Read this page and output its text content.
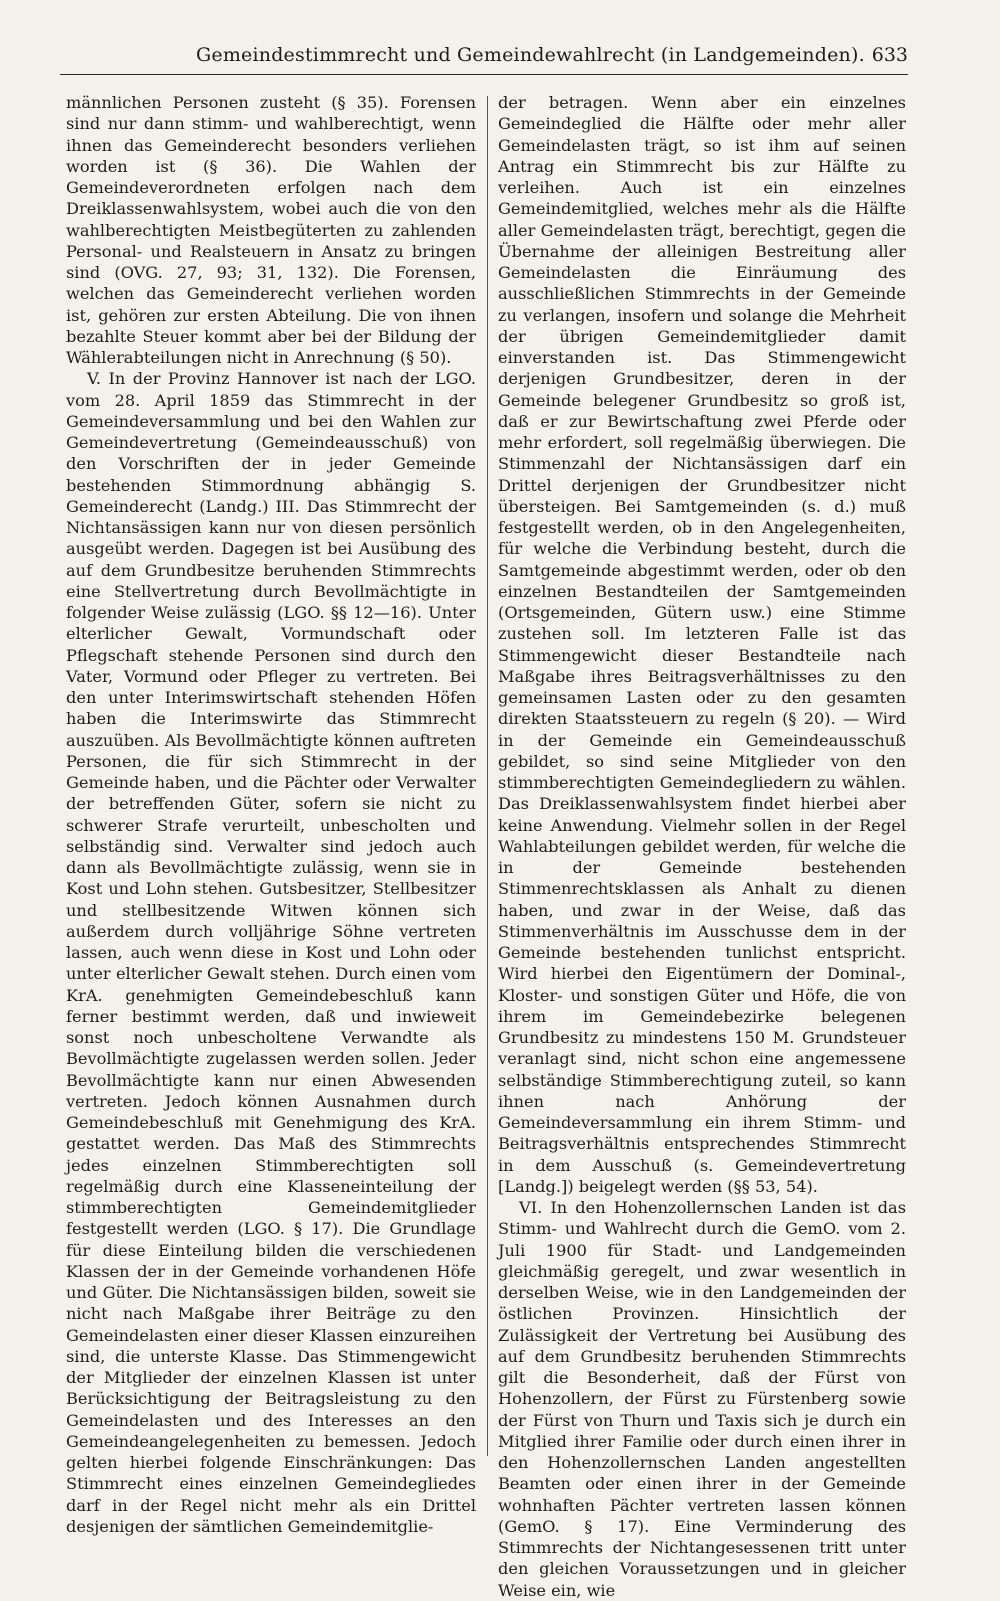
Gemeindestimmrecht und Gemeindewahlrecht (in Landgemeinden). 633

männlichen Personen zusteht (§ 35). Forensen sind nur dann stimm- und wahlberechtigt, wenn ihnen das Gemeinderecht besonders verliehen worden ist (§ 36). Die Wahlen der Gemeindeverordneten erfolgen nach dem Dreiklassenwahlsystem, wobei auch die von den wahlberechtigten Meistbegüterten zu zahlenden Personal- und Realsteuern in Ansatz zu bringen sind (OVG. 27, 93; 31, 132). Die Forensen, welchen das Gemeinderecht verliehen worden ist, gehören zur ersten Abteilung. Die von ihnen bezahlte Steuer kommt aber bei der Bildung der Wählerabteilungen nicht in Anrechnung (§ 50).

V. In der Provinz Hannover ist nach der LGO. vom 28. April 1859 das Stimmrecht in der Gemeindeversammlung und bei den Wahlen zur Gemeindevertretung (Gemeindeausschuß) von den Vorschriften der in jeder Gemeinde bestehenden Stimmordnung abhängig S. Gemeinderecht (Landg.) III. Das Stimmrecht der Nichtansässigen kann nur von diesen persönlich ausgeübt werden. Dagegen ist bei Ausübung des auf dem Grundbesitze beruhenden Stimmrechts eine Stellvertretung durch Bevollmächtigte in folgender Weise zulässig (LGO. §§ 12—16). Unter elterlicher Gewalt, Vormundschaft oder Pflegschaft stehende Personen sind durch den Vater, Vormund oder Pfleger zu vertreten. Bei den unter Interimswirtschaft stehenden Höfen haben die Interimswirte das Stimmrecht auszuüben. Als Bevollmächtigte können auftreten Personen, die für sich Stimmrecht in der Gemeinde haben, und die Pächter oder Verwalter der betreffenden Güter, sofern sie nicht zu schwerer Strafe verurteilt, unbescholten und selbständig sind. Verwalter sind jedoch auch dann als Bevollmächtigte zulässig, wenn sie in Kost und Lohn stehen. Gutsbesitzer, Stellbesitzer und stellbesitzende Witwen können sich außerdem durch volljährige Söhne vertreten lassen, auch wenn diese in Kost und Lohn oder unter elterlicher Gewalt stehen. Durch einen vom KrA. genehmigten Gemeindebeschluß kann ferner bestimmt werden, daß und inwieweit sonst noch unbescholtene Verwandte als Bevollmächtigte zugelassen werden sollen. Jeder Bevollmächtigte kann nur einen Abwesenden vertreten. Jedoch können Ausnahmen durch Gemeindebeschluß mit Genehmigung des KrA. gestattet werden. Das Maß des Stimmrechts jedes einzelnen Stimmberechtigten soll regelmäßig durch eine Klasseneinteilung der stimmberechtigten Gemeindemitglieder festgestellt werden (LGO. § 17). Die Grundlage für diese Einteilung bilden die verschiedenen Klassen der in der Gemeinde vorhandenen Höfe und Güter. Die Nichtansässigen bilden, soweit sie nicht nach Maßgabe ihrer Beiträge zu den Gemeindelasten einer dieser Klassen einzureihen sind, die unterste Klasse. Das Stimmengewicht der Mitglieder der einzelnen Klassen ist unter Berücksichtigung der Beitragsleistung zu den Gemeindelasten und des Interesses an den Gemeindeangelegenheiten zu bemessen. Jedoch gelten hierbei folgende Einschränkungen: Das Stimmrecht eines einzelnen Gemeindegliedes darf in der Regel nicht mehr als ein Drittel desjenigen der sämtlichen Gemeindemitglie-

der betragen. Wenn aber ein einzelnes Gemeindeglied die Hälfte oder mehr aller Gemeindelasten trägt, so ist ihm auf seinen Antrag ein Stimmrecht bis zur Hälfte zu verleihen. Auch ist ein einzelnes Gemeindemitglied, welches mehr als die Hälfte aller Gemeindelasten trägt, berechtigt, gegen die Übernahme der alleinigen Bestreitung aller Gemeindelasten die Einräumung des ausschließlichen Stimmrechts in der Gemeinde zu verlangen, insofern und solange die Mehrheit der übrigen Gemeindemitglieder damit einverstanden ist. Das Stimmengewicht derjenigen Grundbesitzer, deren in der Gemeinde belegener Grundbesitz so groß ist, daß er zur Bewirtschaftung zwei Pferde oder mehr erfordert, soll regelmäßig überwiegen. Die Stimmenzahl der Nichtansässigen darf ein Drittel derjenigen der Grundbesitzer nicht übersteigen. Bei Samtgemeinden (s. d.) muß festgestellt werden, ob in den Angelegenheiten, für welche die Verbindung besteht, durch die Samtgemeinde abgestimmt werden, oder ob den einzelnen Bestandteilen der Samtgemeinden (Ortsgemeinden, Gütern usw.) eine Stimme zustehen soll. Im letzteren Falle ist das Stimmengewicht dieser Bestandteile nach Maßgabe ihres Beitragsverhältnisses zu den gemeinsamen Lasten oder zu den gesamten direkten Staatssteuern zu regeln (§ 20). — Wird in der Gemeinde ein Gemeindeausschuß gebildet, so sind seine Mitglieder von den stimmberechtigten Gemeindegliedern zu wählen. Das Dreiklassenwahlsystem findet hierbei aber keine Anwendung. Vielmehr sollen in der Regel Wahlabteilungen gebildet werden, für welche die in der Gemeinde bestehenden Stimmenrechtsklassen als Anhalt zu dienen haben, und zwar in der Weise, daß das Stimmenverhältnis im Ausschusse dem in der Gemeinde bestehenden tunlichst entspricht. Wird hierbei den Eigentümern der Dominal-, Kloster- und sonstigen Güter und Höfe, die von ihrem im Gemeindebezirke belegenen Grundbesitz zu mindestens 150 M. Grundsteuer veranlagt sind, nicht schon eine angemessene selbständige Stimmberechtigung zuteil, so kann ihnen nach Anhörung der Gemeindeversammlung ein ihrem Stimm- und Beitragsverhältnis entsprechendes Stimmrecht in dem Ausschuß (s. Gemeindevertretung [Landg.]) beigelegt werden (§§ 53, 54).

VI. In den Hohenzollernschen Landen ist das Stimm- und Wahlrecht durch die GemO. vom 2. Juli 1900 für Stadt- und Landgemeinden gleichmäßig geregelt, und zwar wesentlich in derselben Weise, wie in den Landgemeinden der östlichen Provinzen. Hinsichtlich der Zulässigkeit der Vertretung bei Ausübung des auf dem Grundbesitz beruhenden Stimmrechts gilt die Besonderheit, daß der Fürst von Hohenzollern, der Fürst zu Fürstenberg sowie der Fürst von Thurn und Taxis sich je durch ein Mitglied ihrer Familie oder durch einen ihrer in den Hohenzollernschen Landen angestellten Beamten oder einen ihrer in der Gemeinde wohnhaften Pächter vertreten lassen können (GemO. § 17). Eine Verminderung des Stimmrechts der Nichtangesessenen tritt unter den gleichen Voraussetzungen und in gleicher Weise ein, wie
